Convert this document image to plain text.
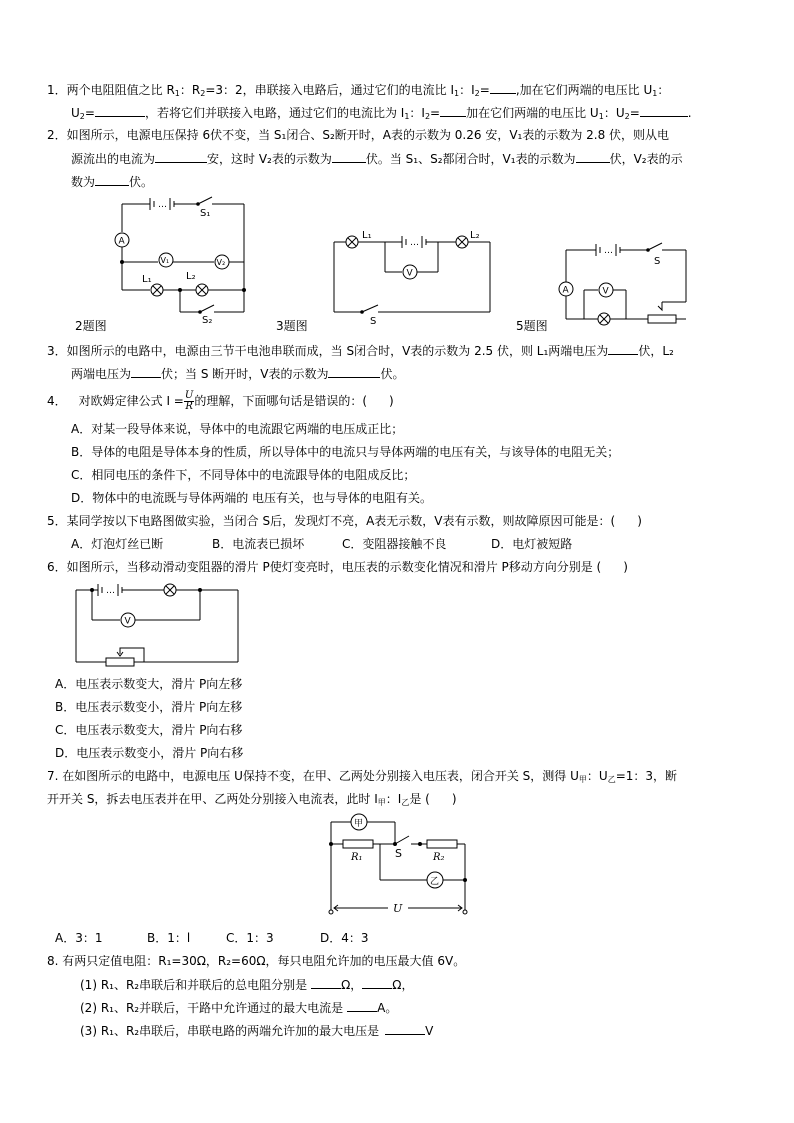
1．两个电阻阻值之比 $R_1$：$R_2=3$：2，串联接入电路后，通过它们的电流比 $I_1$：$I_2=$ ,加在它们两端的电压比 $U_1$：
$U_2=$	，若将它们并联接入电路，通过它们的电流比为 $I_1$：$I_2=$ 加在它们两端的电压比 $U_1$：$U_2=$	.
2．如图所示，电源电压保持 6伏不变，当 S₁闭合、S₂断开时，A表的示数为 0.26 安，V₁表的示数为 2.8 伏，则从电
源流出的电流为	安，这时 V₂表的示数为	伏。当 S₁、S₂都闭合时，V₁表的示数为	伏，V₂表的示
数为	伏。
…
S₁
A
V₁	V₂
L₁	L₂
S₂
L₁
…
L₂
V
S
…
S
A	V
2题图	3题图	5题图
3．如图所示的电路中，电源由三节干电池串联而成，当 S闭合时，V表的示数为 2.5 伏，则 L₁两端电压为	伏，L₂
两端电压为	伏；当 S 断开时，V表的示数为	伏。
4． 对欧姆定律公式 $I = \frac{U}{R}$ 的理解，下面哪句话是错误的：( )
A．对某一段导体来说，导体中的电流跟它两端的电压成正比；
B．导体的电阻是导体本身的性质，所以导体中的电流只与导体两端的电压有关，与该导体的电阻无关；
C．相同电压的条件下，不同导体中的电流跟导体的电阻成反比；
D．物体中的电流既与导体两端的 电压有关，也与导体的电阻有关。
5．某同学按以下电路图做实验，当闭合 S后，发现灯不亮，A表无示数，V表有示数，则故障原因可能是：( )
A．灯泡灯丝已断	B．电流表已损坏	C．变阻器接触不良	D．电灯被短路
6．如图所示，当移动滑动变阻器的滑片 P使灯变亮时，电压表的示数变化情况和滑片 P移动方向分别是 ( )
…
V
A．电压表示数变大，滑片 P向左移
B．电压表示数变小，滑片 P向左移
C．电压表示数变大，滑片 P向右移
D．电压表示数变小，滑片 P向右移
7. 在如图所示的电路中，电源电压 U保持不变，在甲、乙两处分别接入电压表，闭合开关 S，测得 $U_甲$：$U_乙=1$：3，断
开开关 S，拆去电压表并在甲、乙两处分别接入电流表，此时 $I_甲$：$I_乙$是 ( )
甲
R₁	S	R₂
乙
U
A．3：1	B．1：l	C．1：3	D．4：3
8. 有两只定值电阻：R₁=30Ω，R₂=60Ω，每只电阻允许加的电压最大值 6V。
(1) R₁、R₂串联后和并联后的总电阻分别是	Ω，	Ω，
(2) R₁、R₂并联后，干路中允许通过的最大电流是	A。
(3) R₁、R₂串联后，串联电路的两端允许加的最大电压是	V
